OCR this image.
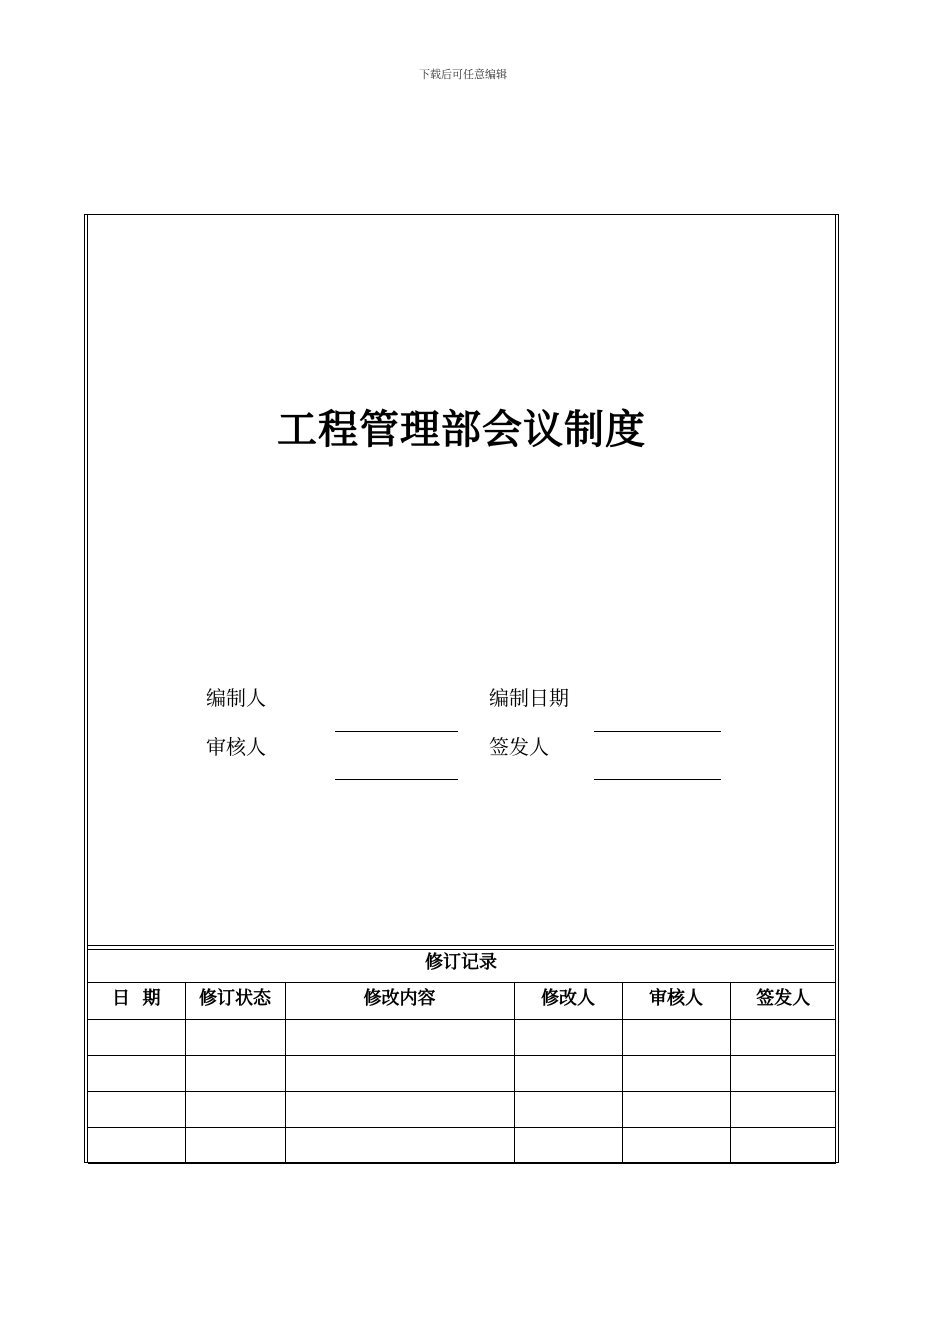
下载后可任意编辑
工程管理部会议制度
编制人	编制日期
审核人	签发人
修订记录
日  期	修订状态	修改内容	修改人	审核人	签发人
